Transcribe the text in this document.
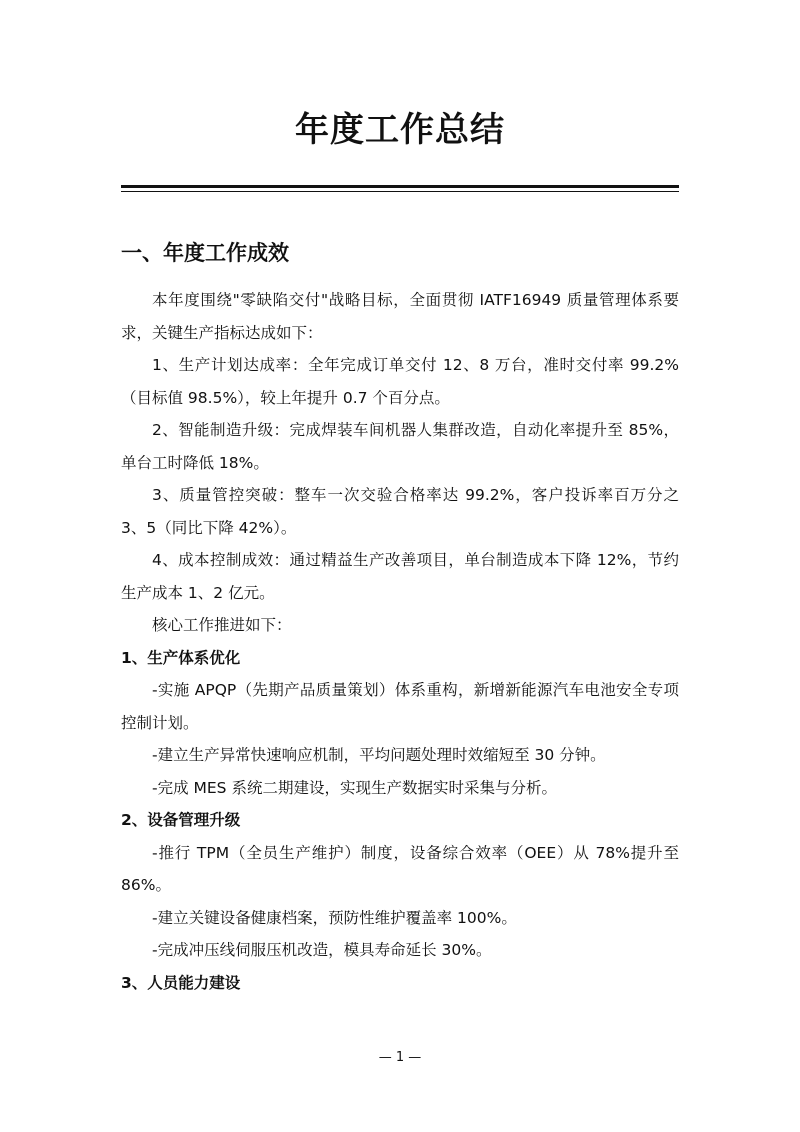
年度工作总结
一、年度工作成效

本年度围绕"零缺陷交付"战略目标，全面贯彻 IATF16949 质量管理体系要求，关键生产指标达成如下：

1、生产计划达成率：全年完成订单交付 12、8 万台，准时交付率 99.2%（目标值 98.5%），较上年提升 0.7 个百分点。

2、智能制造升级：完成焊装车间机器人集群改造，自动化率提升至 85%，单台工时降低 18%。

3、质量管控突破：整车一次交验合格率达 99.2%，客户投诉率百万分之 3、5（同比下降 42%）。

4、成本控制成效：通过精益生产改善项目，单台制造成本下降 12%，节约生产成本 1、2 亿元。

核心工作推进如下：

1、生产体系优化

-实施 APQP（先期产品质量策划）体系重构，新增新能源汽车电池安全专项控制计划。

-建立生产异常快速响应机制，平均问题处理时效缩短至 30 分钟。

-完成 MES 系统二期建设，实现生产数据实时采集与分析。

2、设备管理升级

-推行 TPM（全员生产维护）制度，设备综合效率（OEE）从 78%提升至 86%。

-建立关键设备健康档案，预防性维护覆盖率 100%。

-完成冲压线伺服压机改造，模具寿命延长 30%。

3、人员能力建设
— 1 —
